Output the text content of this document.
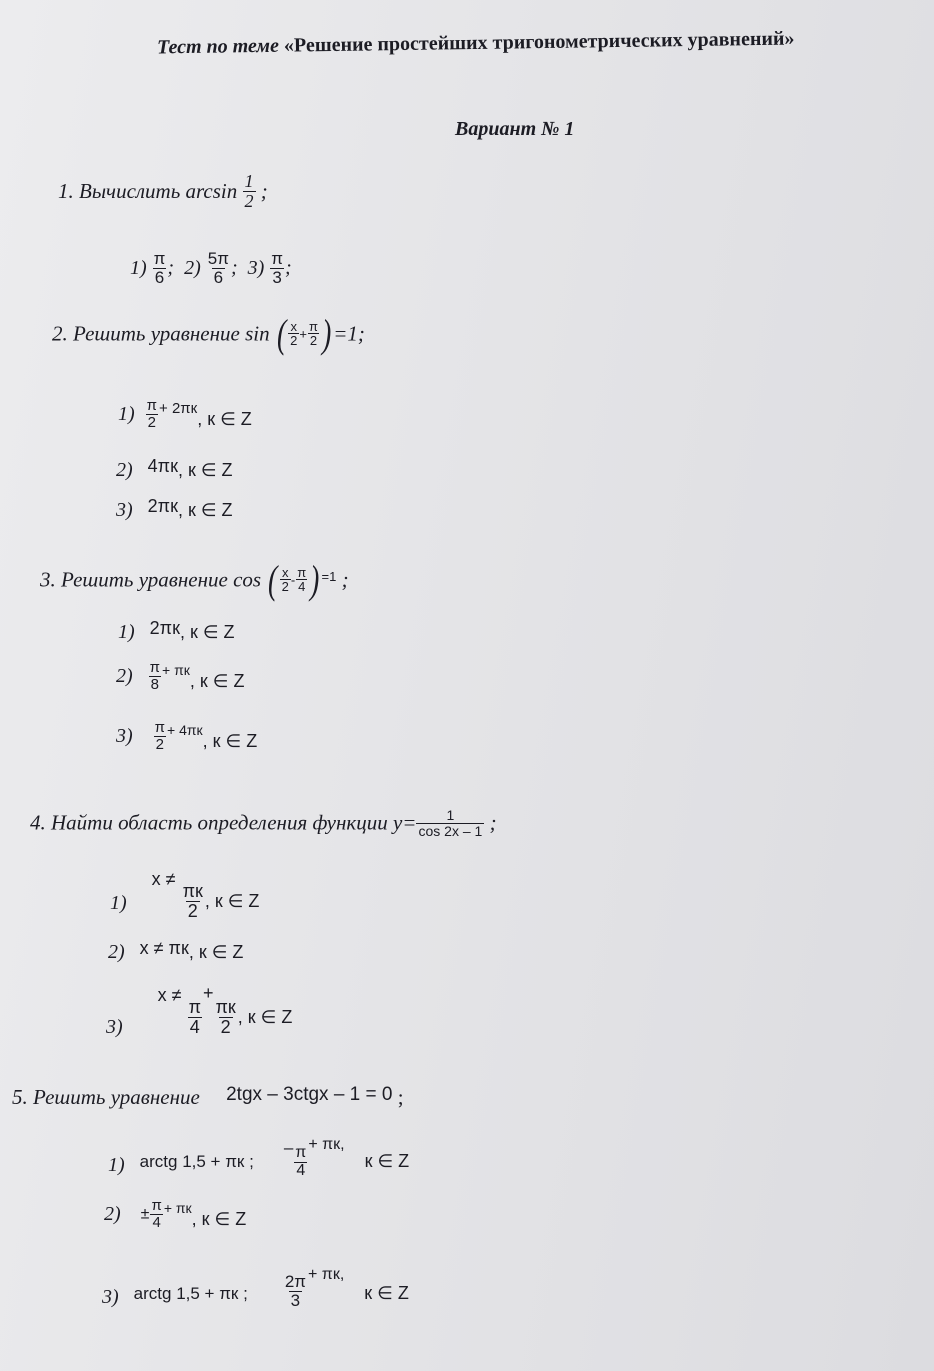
Тест по теме «Решение простейших тригонометрических уравнений»
Вариант № 1
1. Вычислить $\arcsin \frac{1}{2}$ ;
$1) \frac{\pi}{6}$ ; $2) \frac{5\pi}{6}$ ; $3) \frac{\pi}{3}$ ;
2. Решить уравнение sin ( $\frac{x}{2} + \frac{\pi}{2} )=1$;
$1) \frac{\pi}{2} ^{+ 2\pi к}$, к ∈ Z
2) 4πк, к ∈ Z
3) 2πк, к ∈ Z
3. Решить уравнение cos ( $\frac{x}{2} - \frac{\pi}{4}$ ) =1 ;
1) 2πк, к ∈ Z
$2) \frac{\pi}{8} ^{+ \pi к}$, к ∈ Z
$3) \frac{\pi}{2} ^{+ 4\pi к}$, к ∈ Z
4. Найти область определения функции $y= \frac{1}{\cos 2x - 1}$ ;
1)     x ≠
$\frac{\pi к}{2}$ , к ∈ Z
2) x ≠ πк, к ∈ Z
3)       x ≠
$\frac{\pi}{4}$
+
$\frac{\pi к}{2}$ , к ∈ Z
5. Решить уравнение 2tgx – 3ctgx – 1 = 0 ;
1) $_{arctg 1,5 + \pi к ;}$      $_- \frac{\pi}{4}$
$_{+ \pi к,}$    к ∈ Z
$2) \pm \frac{\pi}{4} ^{+ \pi к}$, к ∈ Z
3) $_{arctg 1,5 + \pi к ;} \frac{2\pi}{3} _{+ \pi к,}$    к ∈ Z
